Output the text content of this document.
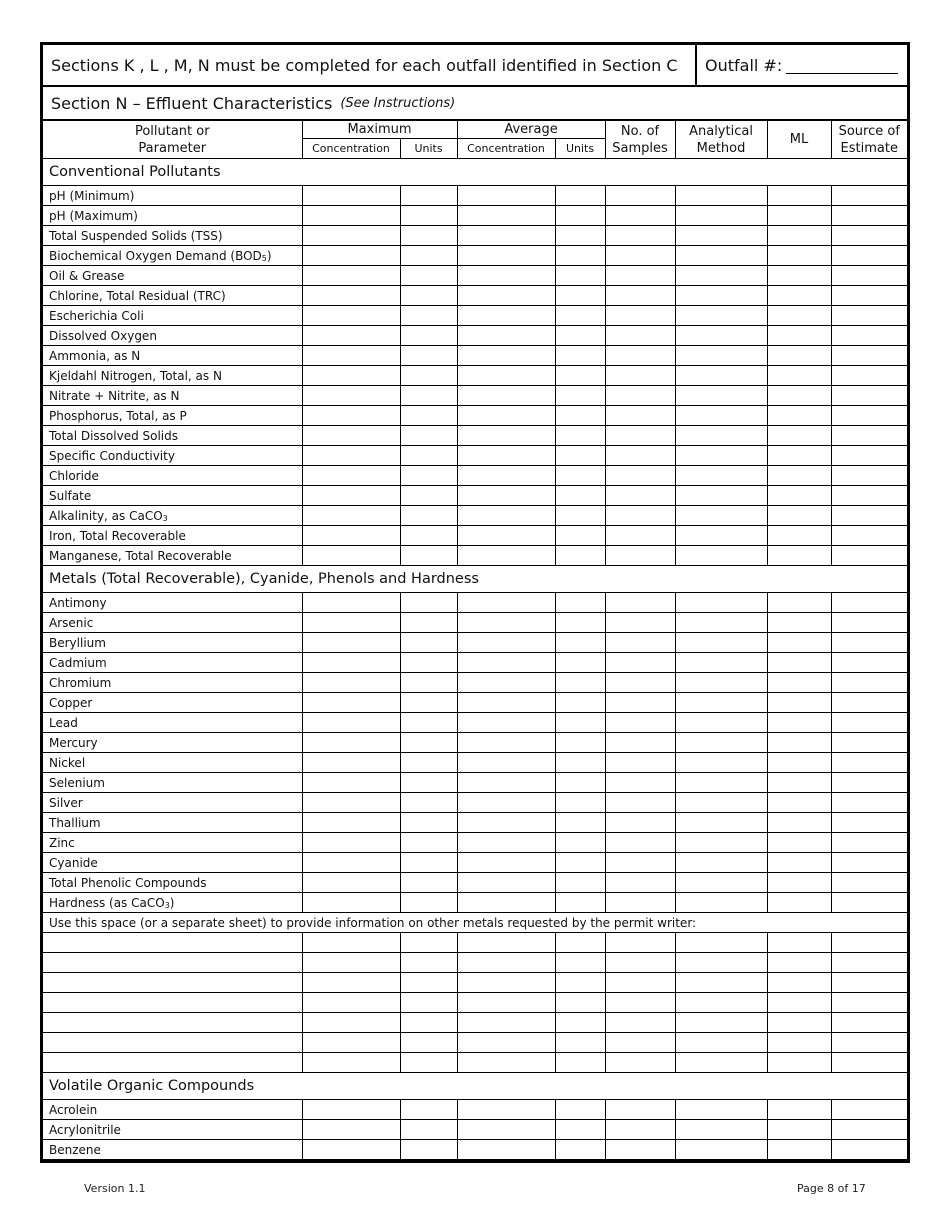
Sections K , L , M, N must be completed for each outfall identified in Section C	Outfall #:
Section N – Effluent Characteristics (See Instructions)
Pollutant or Parameter	Maximum		Average		No. of Samples	Analytical Method	ML	Source of Estimate
	Concentration	Units	Concentration	Units				
Conventional Pollutants								
pH (Minimum)								
pH (Maximum)								
Total Suspended Solids (TSS)								
Biochemical Oxygen Demand (BOD5)								
Oil & Grease								
Chlorine, Total Residual (TRC)								
Escherichia Coli								
Dissolved Oxygen								
Ammonia, as N								
Kjeldahl Nitrogen, Total, as N								
Nitrate + Nitrite, as N								
Phosphorus, Total, as P								
Total Dissolved Solids								
Specific Conductivity								
Chloride								
Sulfate								
Alkalinity, as CaCO3								
Iron, Total Recoverable								
Manganese, Total Recoverable								
Metals (Total Recoverable), Cyanide, Phenols and Hardness								
Antimony								
Arsenic								
Beryllium								
Cadmium								
Chromium								
Copper								
Lead								
Mercury								
Nickel								
Selenium								
Silver								
Thallium								
Zinc								
Cyanide								
Total Phenolic Compounds								
Hardness (as CaCO3)								
Use this space (or a separate sheet) to provide information on other metals requested by the permit writer:								

Volatile Organic Compounds								
Acrolein								
Acrylonitrile								
Benzene								
Version 1.1	Page 8 of 17
